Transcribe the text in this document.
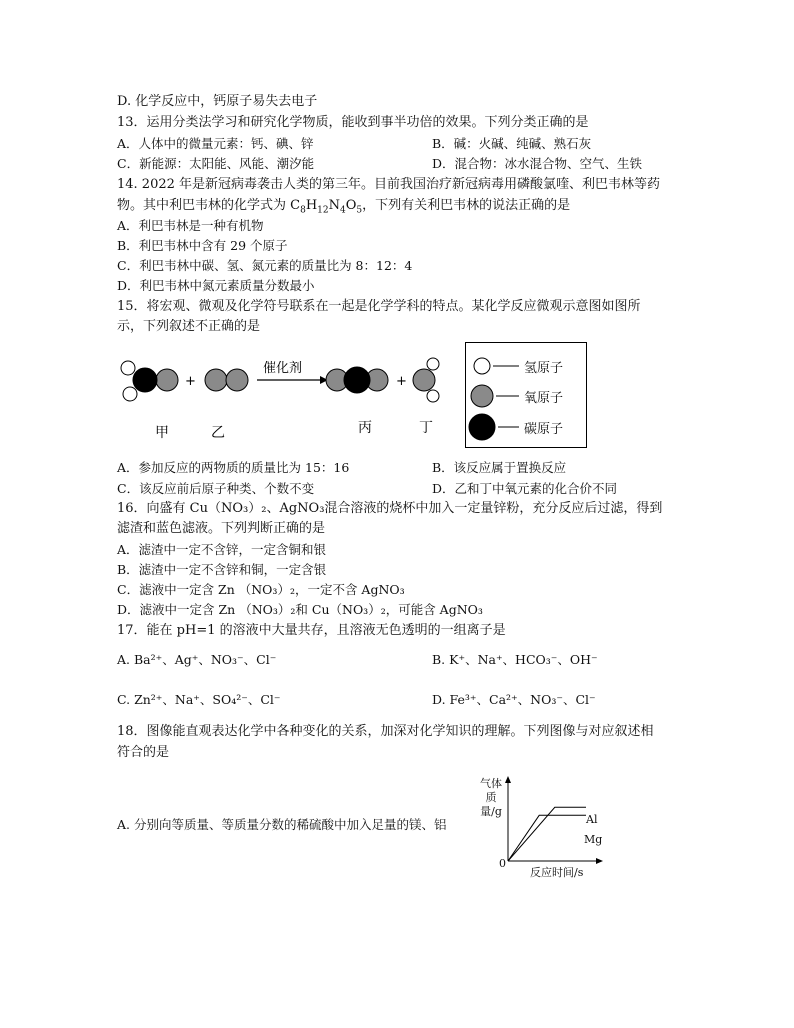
D. 化学反应中，钙原子易失去电子
13．运用分类法学习和研究化学物质，能收到事半功倍的效果。下列分类正确的是
A．人体中的微量元素：钙、碘、锌	B．碱：火碱、纯碱、熟石灰
C．新能源：太阳能、风能、潮汐能	D．混合物：冰水混合物、空气、生铁
14. 2022 年是新冠病毒袭击人类的第三年。目前我国治疗新冠病毒用磷酸氯喹、利巴韦林等药
物。其中利巴韦林的化学式为 $C_8H_{12}N_4O_5$，下列有关利巴韦林的说法正确的是
A．利巴韦林是一种有机物
B．利巴韦林中含有 29 个原子
C．利巴韦林中碳、氢、氮元素的质量比为 8：12：4
D．利巴韦林中氮元素质量分数最小
15．将宏观、微观及化学符号联系在一起是化学学科的特点。某化学反应微观示意图如图所
示，下列叙述不正确的是
+
催化剂
+
甲	乙	丙	丁
氢原子
氧原子
碳原子
A．参加反应的两物质的质量比为 15：16	B．该反应属于置换反应
C．该反应前后原子种类、个数不变	D．乙和丁中氧元素的化合价不同
16．向盛有 Cu（NO₃）₂、AgNO₃混合溶液的烧杯中加入一定量锌粉，充分反应后过滤，得到
滤渣和蓝色滤液。下列判断正确的是
A．滤渣中一定不含锌，一定含铜和银
B．滤渣中一定不含锌和铜，一定含银
C．滤液中一定含 Zn （NO₃）₂，一定不含 AgNO₃
D．滤液中一定含 Zn （NO₃）₂和 Cu（NO₃）₂，可能含 AgNO₃
17．能在 pH=1 的溶液中大量共存，且溶液无色透明的一组离子是
A. Ba²⁺、Ag⁺、NO₃⁻、Cl⁻	B. K⁺、Na⁺、HCO₃⁻、OH⁻
C. Zn²⁺、Na⁺、SO₄²⁻、Cl⁻	D. Fe³⁺、Ca²⁺、NO₃⁻、Cl⁻
18．图像能直观表达化学中各种变化的关系，加深对化学知识的理解。下列图像与对应叙述相
符合的是
A. 分别向等质量、等质量分数的稀硫酸中加入足量的镁、铝
气体质量/g
0
反应时间/s
Al
Mg
